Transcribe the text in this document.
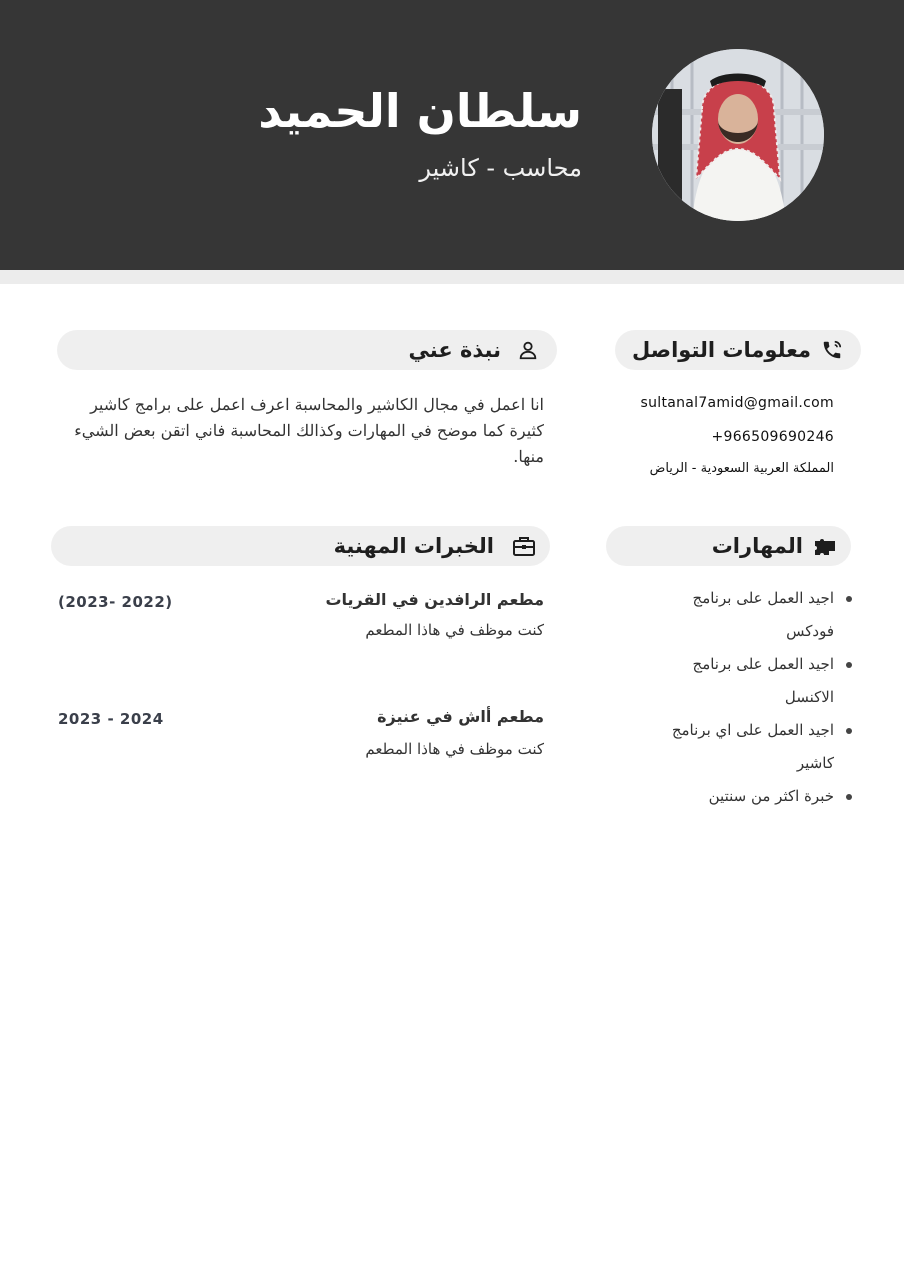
سلطان الحميد
محاسب - كاشير
معلومات التواصل
sultanal7amid@gmail.com
+966509690246
المملكة العربية السعودية - الرياض
نبذة عني
انا اعمل في مجال الكاشير والمحاسبة اعرف اعمل على برامج كاشير كثيرة كما موضح في المهارات وكذالك المحاسبة فاني اتقن بعض الشيء منها.
المهارات
اجيد العمل على برنامج فودكس
اجيد العمل على برنامج الاكنسل
اجيد العمل على اي برنامج كاشير
خبرة اكثر من سنتين
الخبرات المهنية
مطعم الرافدين في القريات
كنت موظف في هاذا المطعم
(2023- 2022)
مطعم أاش في عنيزة
كنت موظف في هاذا المطعم
2023 - 2024
